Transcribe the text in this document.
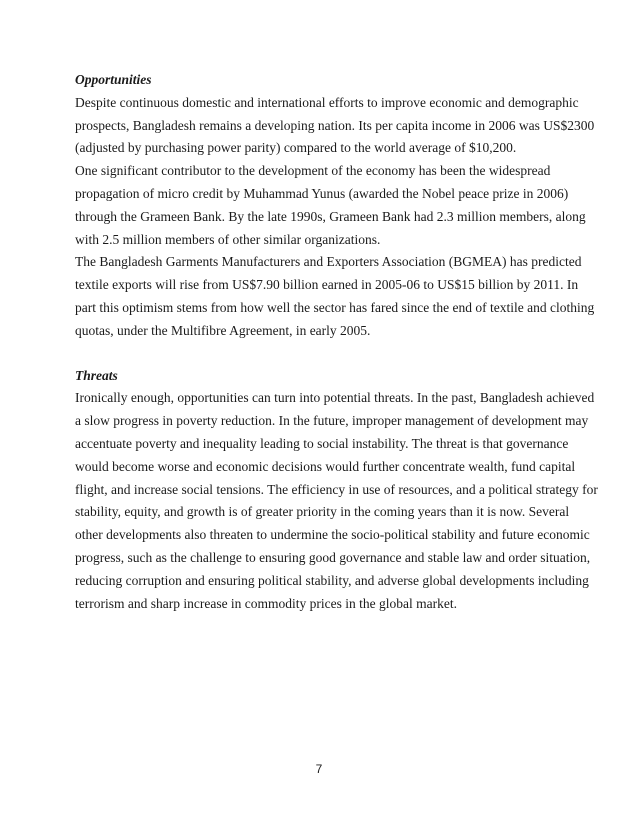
Opportunities
Despite continuous domestic and international efforts to improve economic and demographic
prospects, Bangladesh remains a developing nation. Its per capita income in 2006 was US$2300
(adjusted by purchasing power parity) compared to the world average of $10,200.
One significant contributor to the development of the economy has been the widespread
propagation of micro credit by Muhammad Yunus (awarded the Nobel peace prize in 2006)
through the Grameen Bank. By the late 1990s, Grameen Bank had 2.3 million members, along
with 2.5 million members of other similar organizations.
The Bangladesh Garments Manufacturers and Exporters Association (BGMEA) has predicted
textile exports will rise from US$7.90 billion earned in 2005-06 to US$15 billion by 2011. In
part this optimism stems from how well the sector has fared since the end of textile and clothing
quotas, under the Multifibre Agreement, in early 2005.
Threats
Ironically enough, opportunities can turn into potential threats. In the past, Bangladesh achieved
a slow progress in poverty reduction. In the future, improper management of development may
accentuate poverty and inequality leading to social instability. The threat is that governance
would become worse and economic decisions would further concentrate wealth, fund capital
flight, and increase social tensions. The efficiency in use of resources, and a political strategy for
stability, equity, and growth is of greater priority in the coming years than it is now. Several
other developments also threaten to undermine the socio-political stability and future economic
progress, such as the challenge to ensuring good governance and stable law and order situation,
reducing corruption and ensuring political stability, and adverse global developments including
terrorism and sharp increase in commodity prices in the global market.
7
